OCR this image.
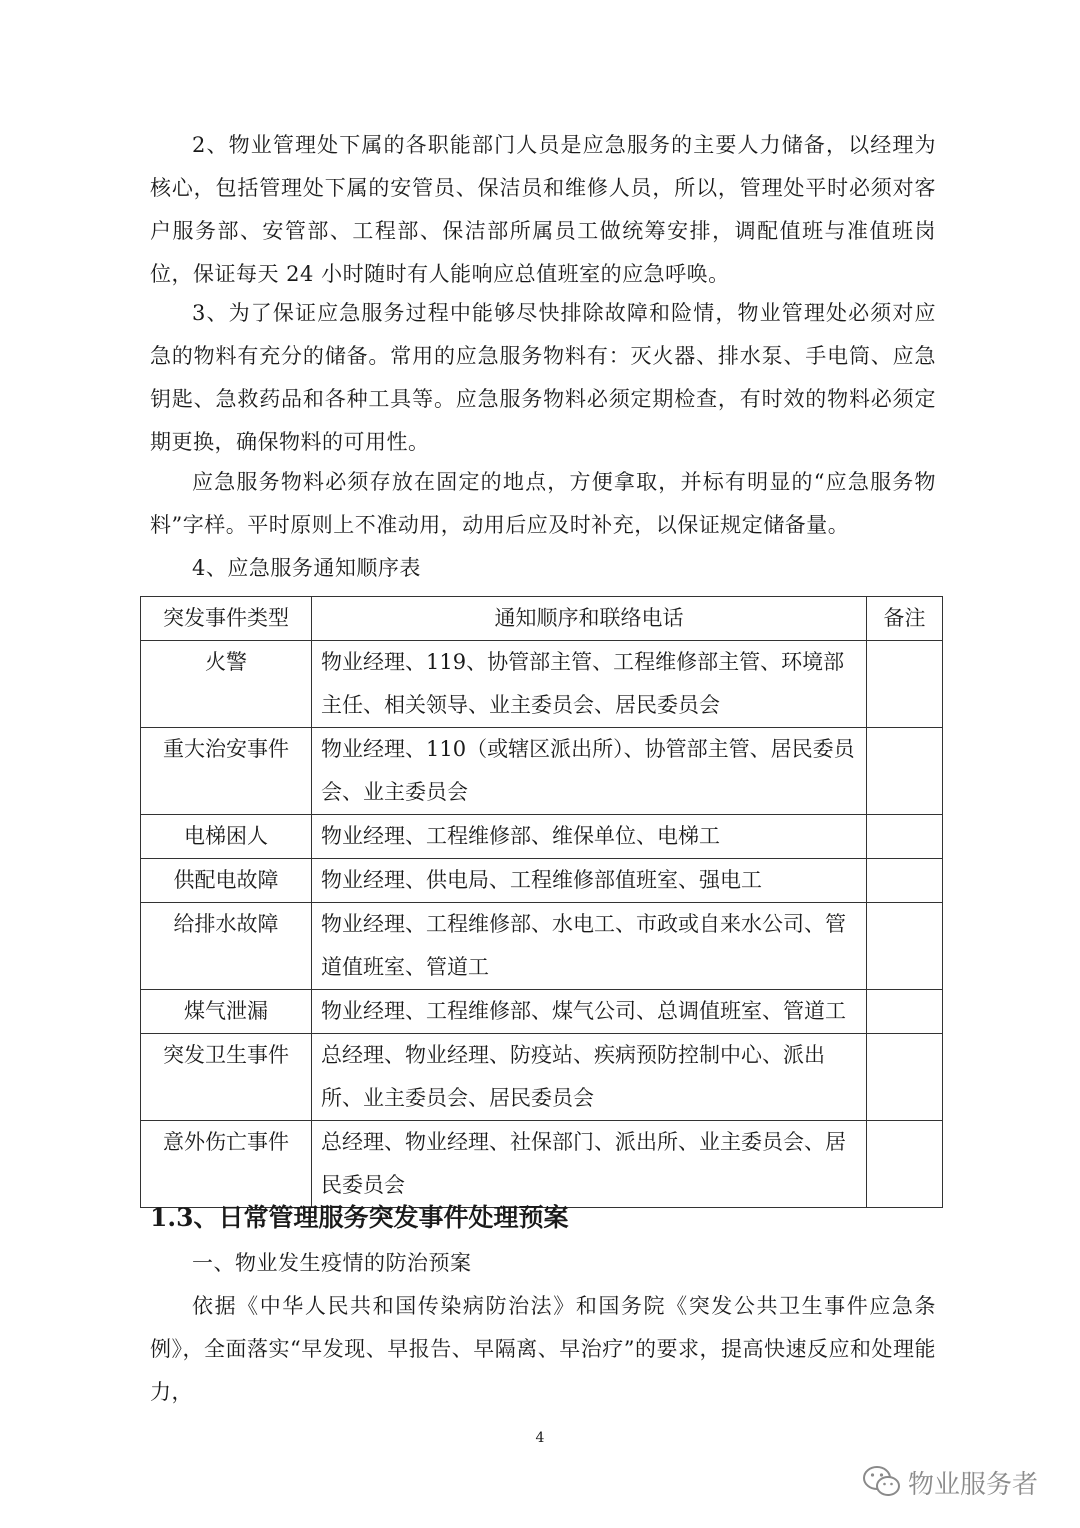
2、物业管理处下属的各职能部门人员是应急服务的主要人力储备，以经理为核心，包括管理处下属的安管员、保洁员和维修人员，所以，管理处平时必须对客户服务部、安管部、工程部、保洁部所属员工做统筹安排，调配值班与准值班岗位，保证每天 24 小时随时有人能响应总值班室的应急呼唤。

3、为了保证应急服务过程中能够尽快排除故障和险情，物业管理处必须对应急的物料有充分的储备。常用的应急服务物料有：灭火器、排水泵、手电筒、应急钥匙、急救药品和各种工具等。应急服务物料必须定期检查，有时效的物料必须定期更换，确保物料的可用性。

应急服务物料必须存放在固定的地点，方便拿取，并标有明显的“应急服务物料”字样。平时原则上不准动用，动用后应及时补充，以保证规定储备量。

4、应急服务通知顺序表

突发事件类型	通知顺序和联络电话	备注
火警	物业经理、119、协管部主管、工程维修部主管、环境部主任、相关领导、业主委员会、居民委员会	
重大治安事件	物业经理、110（或辖区派出所）、协管部主管、居民委员会、业主委员会	
电梯困人	物业经理、工程维修部、维保单位、电梯工	
供配电故障	物业经理、供电局、工程维修部值班室、强电工	
给排水故障	物业经理、工程维修部、水电工、市政或自来水公司、管道值班室、管道工	
煤气泄漏	物业经理、工程维修部、煤气公司、总调值班室、管道工	
突发卫生事件	总经理、物业经理、防疫站、疾病预防控制中心、派出所、业主委员会、居民委员会	
意外伤亡事件	总经理、物业经理、社保部门、派出所、业主委员会、居民委员会	
1.3、日常管理服务突发事件处理预案

一、物业发生疫情的防治预案

依据《中华人民共和国传染病防治法》和国务院《突发公共卫生事件应急条例》，全面落实“早发现、早报告、早隔离、早治疗”的要求，提高快速反应和处理能力，

4
物业服务者
